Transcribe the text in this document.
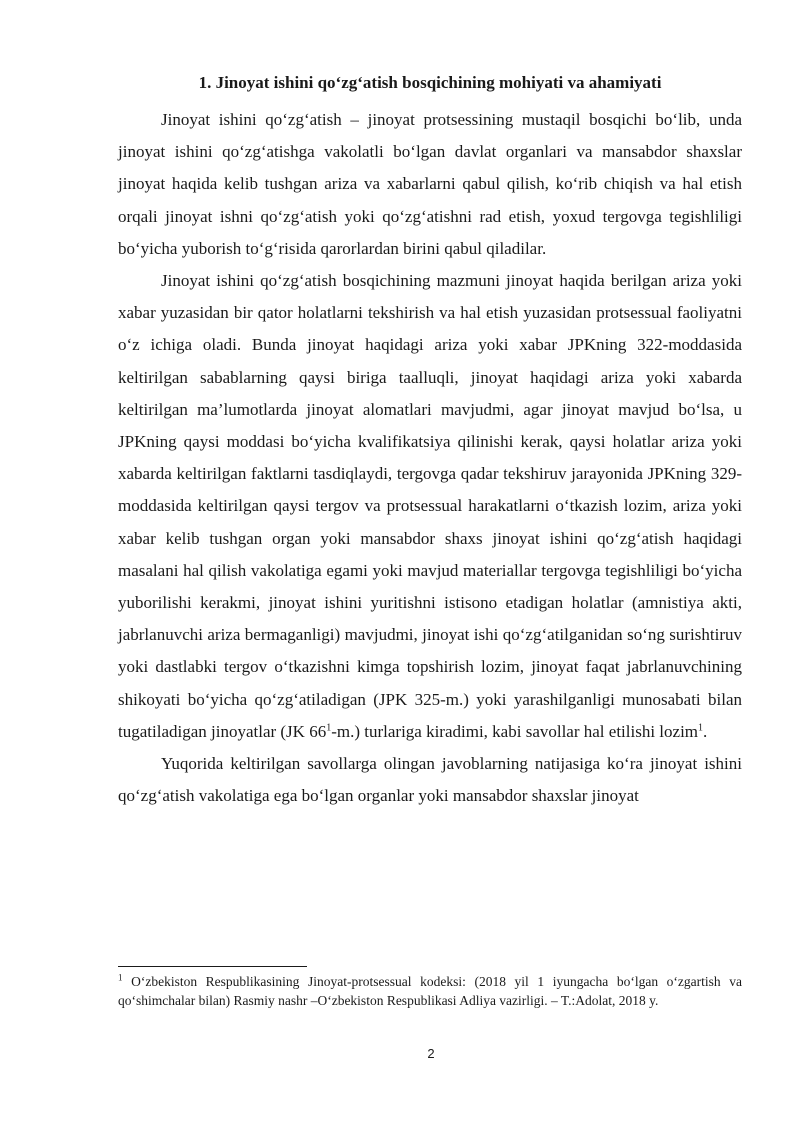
1. Jinoyat ishini qo‘zg‘atish bosqichining mohiyati va ahamiyati

Jinoyat ishini qo‘zg‘atish – jinoyat protsessining mustaqil bosqichi bo‘lib, unda jinoyat ishini qo‘zg‘atishga vakolatli bo‘lgan davlat organlari va mansabdor shaxslar jinoyat haqida kelib tushgan ariza va xabarlarni qabul qilish, ko‘rib chiqish va hal etish orqali jinoyat ishni qo‘zg‘atish yoki qo‘zg‘atishni rad etish, yoxud tergovga tegishliligi bo‘yicha yuborish to‘g‘risida qarorlardan birini qabul qiladilar.

Jinoyat ishini qo‘zg‘atish bosqichining mazmuni jinoyat haqida berilgan ariza yoki xabar yuzasidan bir qator holatlarni tekshirish va hal etish yuzasidan protsessual faoliyatni o‘z ichiga oladi. Bunda jinoyat haqidagi ariza yoki xabar JPKning 322-moddasida keltirilgan sabablarning qaysi biriga taalluqli, jinoyat haqidagi ariza yoki xabarda keltirilgan ma’lumotlarda jinoyat alomatlari mavjudmi, agar jinoyat mavjud bo‘lsa, u JPKning qaysi moddasi bo‘yicha kvalifikatsiya qilinishi kerak, qaysi holatlar ariza yoki xabarda keltirilgan faktlarni tasdiqlaydi, tergovga qadar tekshiruv jarayonida JPKning 329-moddasida keltirilgan qaysi tergov va protsessual harakatlarni o‘tkazish lozim, ariza yoki xabar kelib tushgan organ yoki mansabdor shaxs jinoyat ishini qo‘zg‘atish haqidagi masalani hal qilish vakolatiga egami yoki mavjud materiallar tergovga tegishliligi bo‘yicha yuborilishi kerakmi, jinoyat ishini yuritishni istisono etadigan holatlar (amnistiya akti, jabrlanuvchi ariza bermaganligi) mavjudmi, jinoyat ishi qo‘zg‘atilganidan so‘ng surishtiruv yoki dastlabki tergov o‘tkazishni kimga topshirish lozim, jinoyat faqat jabrlanuvchining shikoyati bo‘yicha qo‘zg‘atiladigan (JPK 325-m.) yoki yarashilganligi munosabati bilan tugatiladigan jinoyatlar (JK $66^1-m$.) turlariga kiradimi, kabi savollar hal etilishi lozim$^1$.

Yuqorida keltirilgan savollarga olingan javoblarning natijasiga ko‘ra jinoyat ishini qo‘zg‘atish vakolatiga ega bo‘lgan organlar yoki mansabdor shaxslar jinoyat

$^1$ O‘zbekiston Respublikasining Jinoyat-protsessual kodeksi: (2018 yil 1 iyungacha bo‘lgan o‘zgartish va qo‘shimchalar bilan) Rasmiy nashr –O‘zbekiston Respublikasi Adliya vazirligi. – T.:Adolat, 2018 y.

2
